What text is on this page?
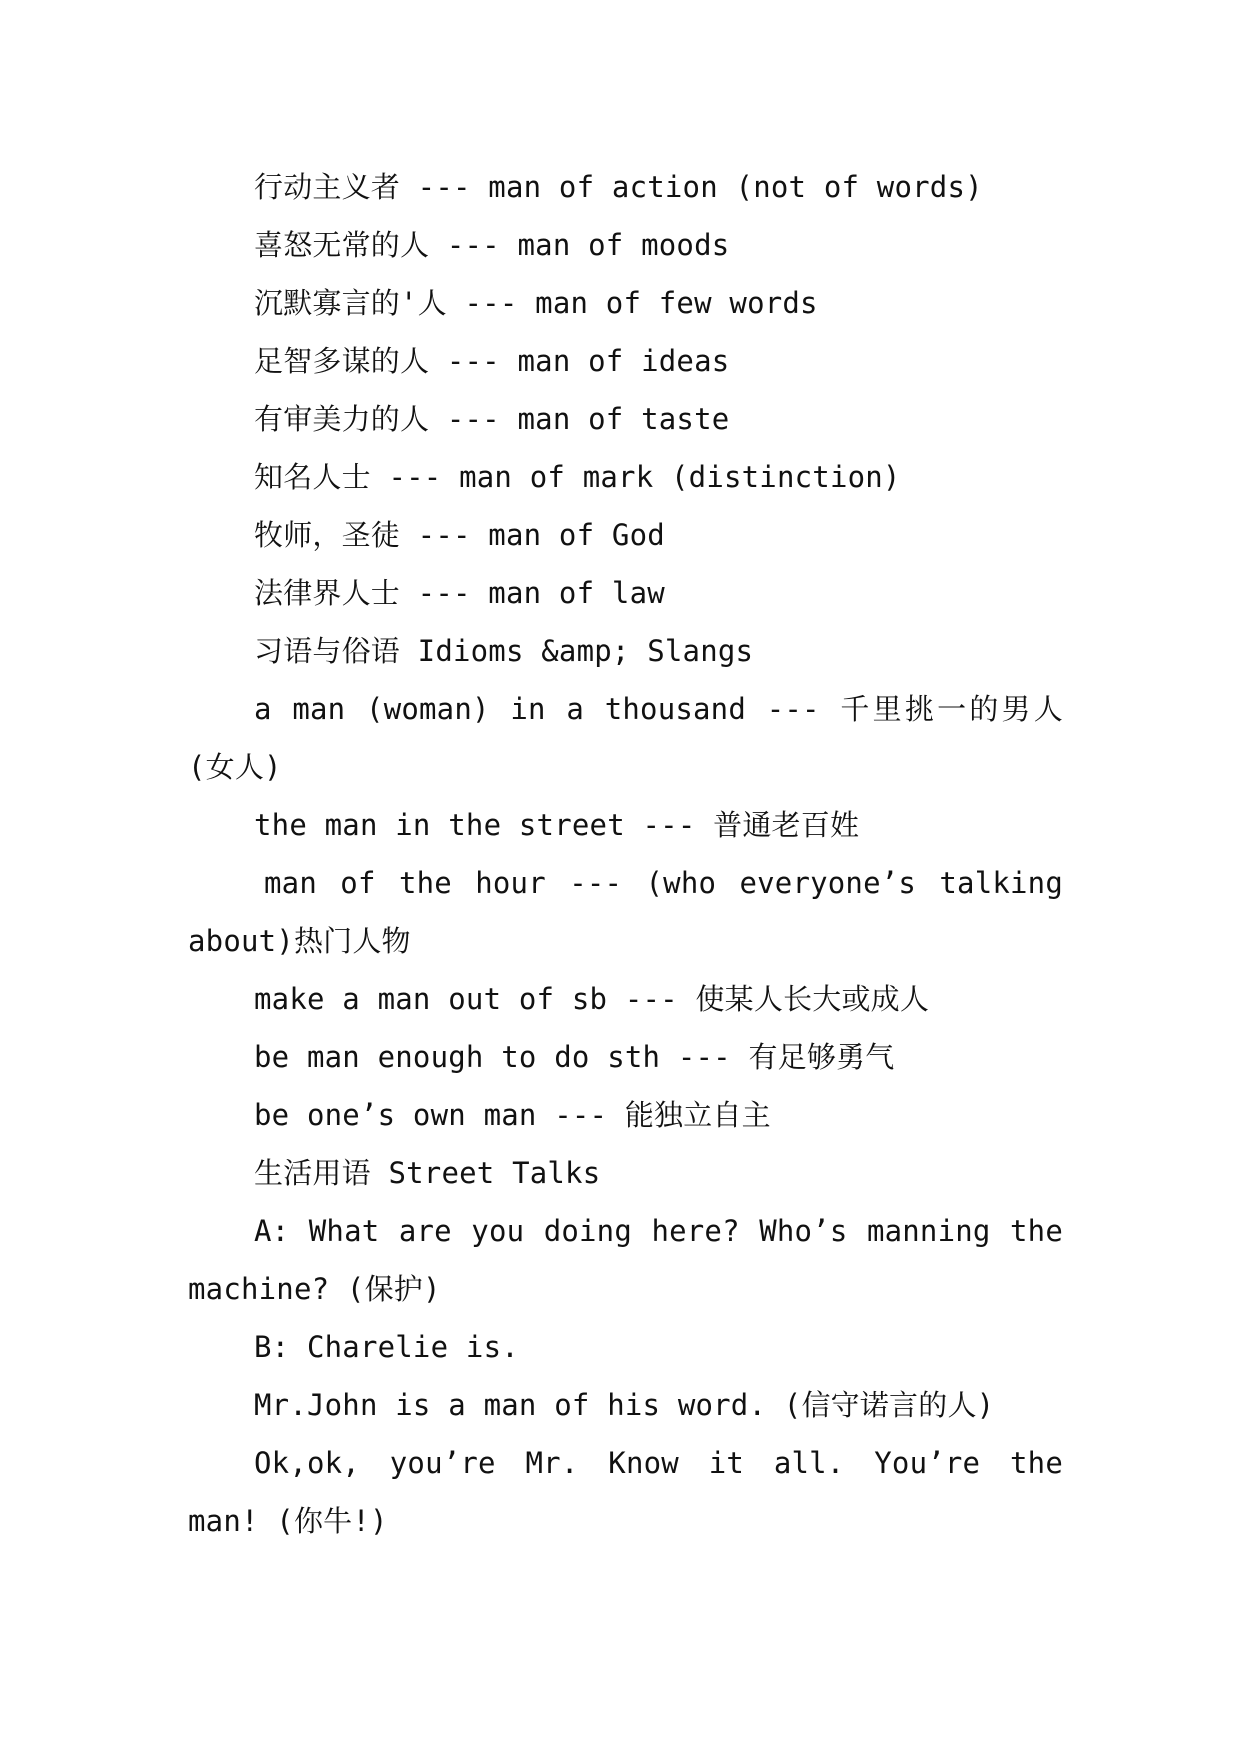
行动主义者 --- man of action (not of words)

喜怒无常的人 --- man of moods

沉默寡言的'人 --- man of few words

足智多谋的人 --- man of ideas

有审美力的人 --- man of taste

知名人士 --- man of mark (distinction)

牧师，圣徒 --- man of God

法律界人士 --- man of law

习语与俗语 Idioms &amp; Slangs

a man (woman) in a thousand --- 千里挑一的男人(女人)

the man in the street --- 普通老百姓

man of the hour --- (who everyone’s talking about)热门人物

make a man out of sb --- 使某人长大或成人

be man enough to do sth --- 有足够勇气

be one’s own man --- 能独立自主

生活用语 Street Talks

A: What are you doing here? Who’s manning the machine? (保护)

B: Charelie is.

Mr.John is a man of his word. (信守诺言的人)

Ok,ok, you’re Mr. Know it all. You’re the man! (你牛!)
